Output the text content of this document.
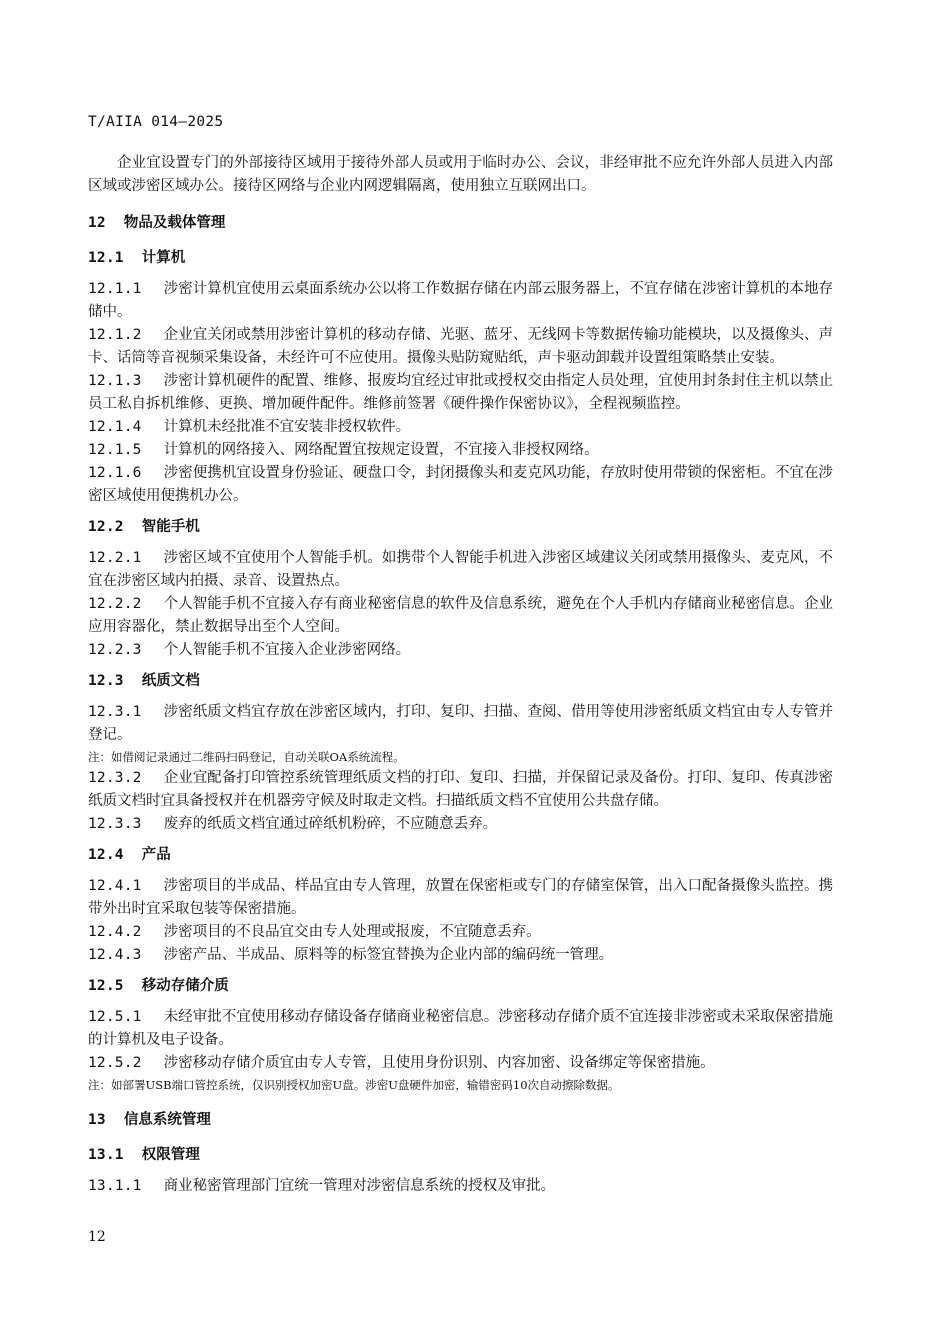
T/AIIA 014—2025

企业宜设置专门的外部接待区域用于接待外部人员或用于临时办公、会议，非经审批不应允许外部人员进入内部区域或涉密区域办公。接待区网络与企业内网逻辑隔离，使用独立互联网出口。

12 物品及载体管理
12.1 计算机

12.1.1 涉密计算机宜使用云桌面系统办公以将工作数据存储在内部云服务器上，不宜存储在涉密计算机的本地存储中。

12.1.2 企业宜关闭或禁用涉密计算机的移动存储、光驱、蓝牙、无线网卡等数据传输功能模块，以及摄像头、声卡、话筒等音视频采集设备，未经许可不应使用。摄像头贴防窥贴纸，声卡驱动卸载并设置组策略禁止安装。

12.1.3 涉密计算机硬件的配置、维修、报废均宜经过审批或授权交由指定人员处理，宜使用封条封住主机以禁止员工私自拆机维修、更换、增加硬件配件。维修前签署《硬件操作保密协议》，全程视频监控。

12.1.4 计算机未经批准不宜安装非授权软件。

12.1.5 计算机的网络接入、网络配置宜按规定设置，不宜接入非授权网络。

12.1.6 涉密便携机宜设置身份验证、硬盘口令，封闭摄像头和麦克风功能，存放时使用带锁的保密柜。不宜在涉密区域使用便携机办公。

12.2 智能手机

12.2.1 涉密区域不宜使用个人智能手机。如携带个人智能手机进入涉密区域建议关闭或禁用摄像头、麦克风，不宜在涉密区域内拍摄、录音、设置热点。

12.2.2 个人智能手机不宜接入存有商业秘密信息的软件及信息系统，避免在个人手机内存储商业秘密信息。企业应用容器化，禁止数据导出至个人空间。

12.2.3 个人智能手机不宜接入企业涉密网络。

12.3 纸质文档

12.3.1 涉密纸质文档宜存放在涉密区域内，打印、复印、扫描、查阅、借用等使用涉密纸质文档宜由专人专管并登记。

注：如借阅记录通过二维码扫码登记，自动关联OA系统流程。

12.3.2 企业宜配备打印管控系统管理纸质文档的打印、复印、扫描，并保留记录及备份。打印、复印、传真涉密纸质文档时宜具备授权并在机器旁守候及时取走文档。扫描纸质文档不宜使用公共盘存储。

12.3.3 废弃的纸质文档宜通过碎纸机粉碎，不应随意丢弃。

12.4 产品

12.4.1 涉密项目的半成品、样品宜由专人管理，放置在保密柜或专门的存储室保管，出入口配备摄像头监控。携带外出时宜采取包装等保密措施。

12.4.2 涉密项目的不良品宜交由专人处理或报废，不宜随意丢弃。

12.4.3 涉密产品、半成品、原料等的标签宜替换为企业内部的编码统一管理。

12.5 移动存储介质

12.5.1 未经审批不宜使用移动存储设备存储商业秘密信息。涉密移动存储介质不宜连接非涉密或未采取保密措施的计算机及电子设备。

12.5.2 涉密移动存储介质宜由专人专管，且使用身份识别、内容加密、设备绑定等保密措施。

注：如部署USB端口管控系统，仅识别授权加密U盘。涉密U盘硬件加密，输错密码10次自动擦除数据。

13 信息系统管理
13.1 权限管理

13.1.1 商业秘密管理部门宜统一管理对涉密信息系统的授权及审批。

12
